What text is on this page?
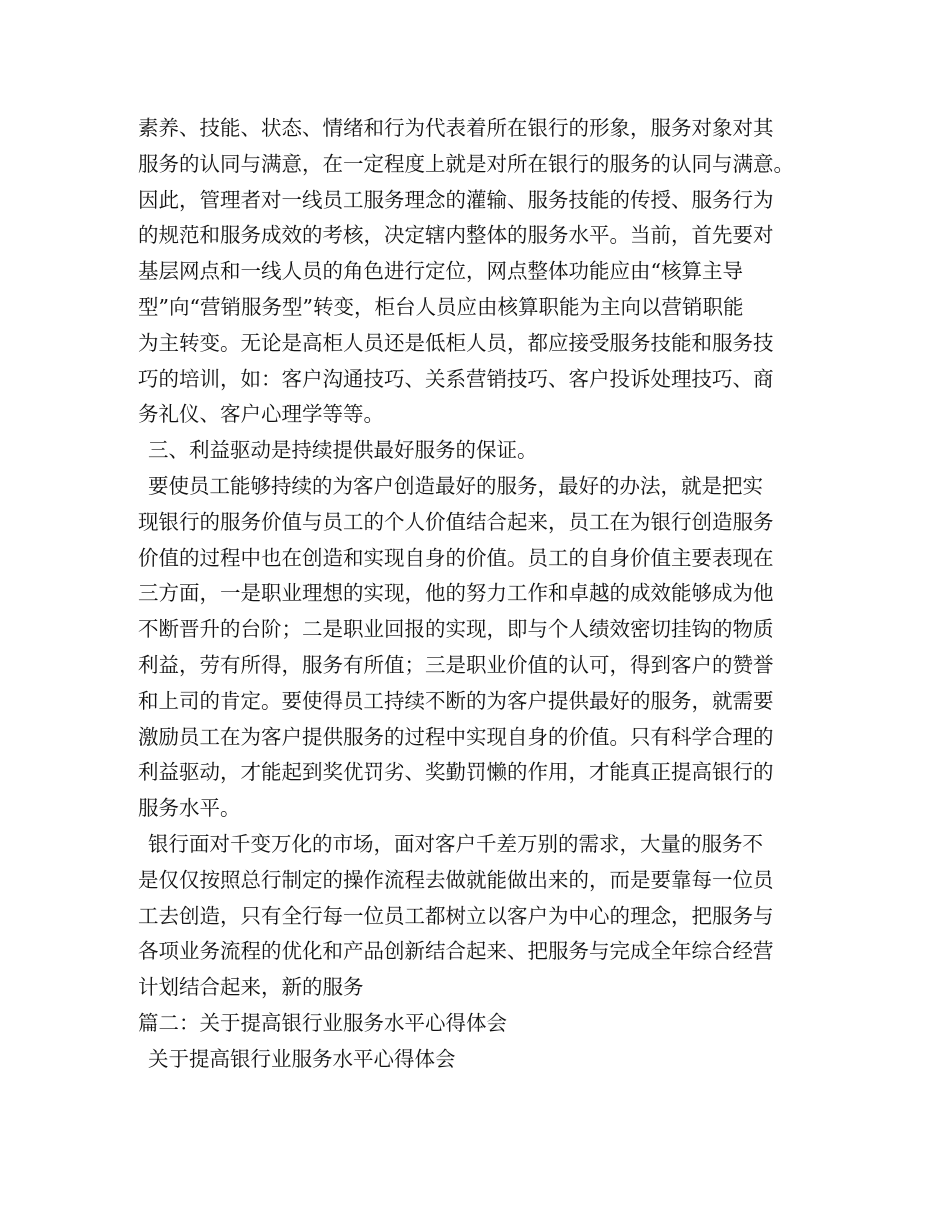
素养、技能、状态、情绪和行为代表着所在银行的形象，服务对象对其
服务的认同与满意，在一定程度上就是对所在银行的服务的认同与满意。
因此，管理者对一线员工服务理念的灌输、服务技能的传授、服务行为
的规范和服务成效的考核，决定辖内整体的服务水平。当前，首先要对
基层网点和一线人员的角色进行定位，网点整体功能应由“核算主导
型”向“营销服务型”转变，柜台人员应由核算职能为主向以营销职能
为主转变。无论是高柜人员还是低柜人员，都应接受服务技能和服务技
巧的培训，如：客户沟通技巧、关系营销技巧、客户投诉处理技巧、商
务礼仪、客户心理学等等。
三、利益驱动是持续提供最好服务的保证。
要使员工能够持续的为客户创造最好的服务，最好的办法，就是把实
现银行的服务价值与员工的个人价值结合起来，员工在为银行创造服务
价值的过程中也在创造和实现自身的价值。员工的自身价值主要表现在
三方面，一是职业理想的实现，他的努力工作和卓越的成效能够成为他
不断晋升的台阶；二是职业回报的实现，即与个人绩效密切挂钩的物质
利益，劳有所得，服务有所值；三是职业价值的认可，得到客户的赞誉
和上司的肯定。要使得员工持续不断的为客户提供最好的服务，就需要
激励员工在为客户提供服务的过程中实现自身的价值。只有科学合理的
利益驱动，才能起到奖优罚劣、奖勤罚懒的作用，才能真正提高银行的
服务水平。
银行面对千变万化的市场，面对客户千差万别的需求，大量的服务不
是仅仅按照总行制定的操作流程去做就能做出来的，而是要靠每一位员
工去创造，只有全行每一位员工都树立以客户为中心的理念，把服务与
各项业务流程的优化和产品创新结合起来、把服务与完成全年综合经营
计划结合起来，新的服务
篇二：关于提高银行业服务水平心得体会
关于提高银行业服务水平心得体会
